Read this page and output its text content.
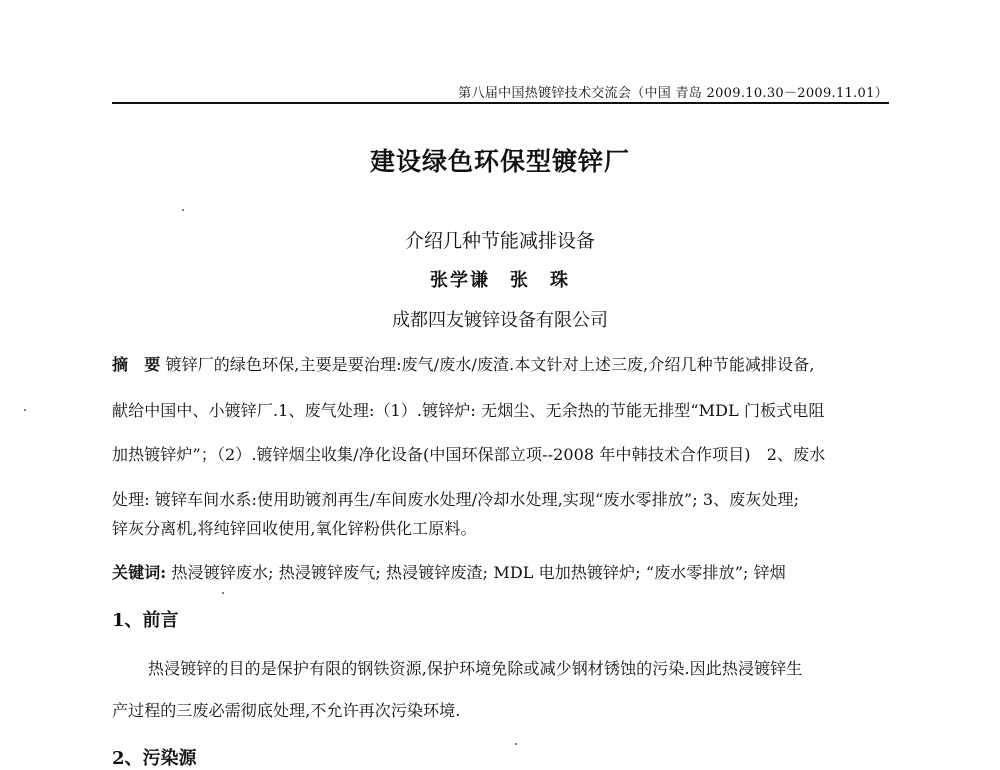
第八届中国热镀锌技术交流会（中国 青岛 2009.10.30－2009.11.01）
建设绿色环保型镀锌厂
介绍几种节能减排设备
张学谦　张　珠
成都四友镀锌设备有限公司
摘　要 镀锌厂的绿色环保,主要是要治理:废气/废水/废渣.本文针对上述三废,介绍几种节能减排设备,
献给中国中、小镀锌厂.1、废气处理:（1）.镀锌炉: 无烟尘、无余热的节能无排型“MDL 门板式电阻
加热镀锌炉”；（2）.镀锌烟尘收集/净化设备(中国环保部立项--2008 年中韩技术合作项目)　2、废水
处理: 镀锌车间水系:使用助镀剂再生/车间废水处理/冷却水处理,实现“废水零排放”; 3、废灰处理;
锌灰分离机,将纯锌回收使用,氧化锌粉供化工原料。
关键词: 热浸镀锌废水; 热浸镀锌废气; 热浸镀锌废渣; MDL 电加热镀锌炉; “废水零排放”; 锌烟
1、前言
热浸镀锌的目的是保护有限的钢铁资源,保护环境免除或减少钢材锈蚀的污染.因此热浸镀锌生
产过程的三废必需彻底处理,不允许再次污染环境.
2、污染源
